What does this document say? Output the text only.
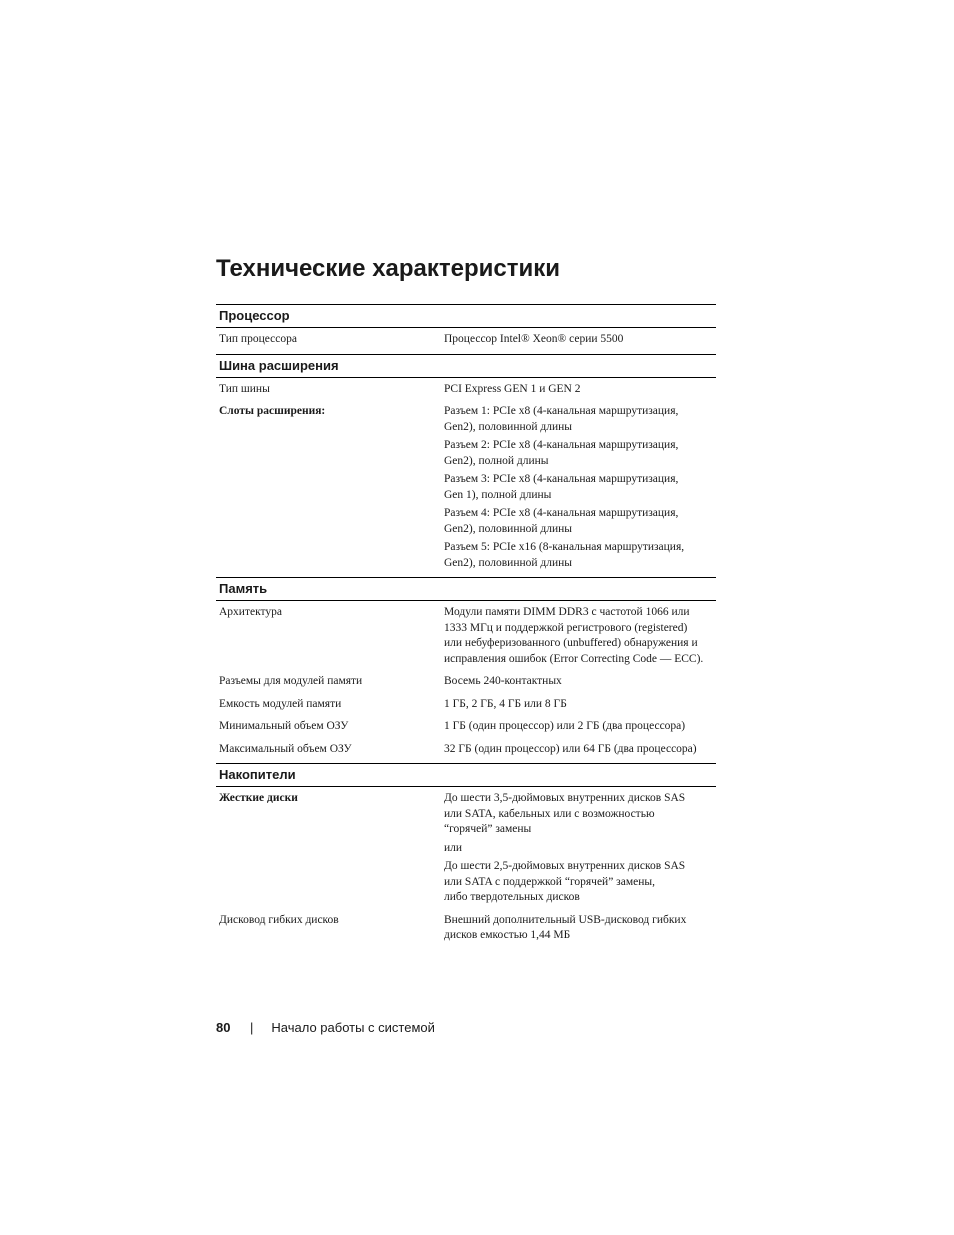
Технические характеристики
Процессор
Тип процессора	Процессор Intel® Xeon® серии 5500
Шина расширения
Тип шины	PCI Express GEN 1 и GEN 2
Слоты расширения:	Разъем 1: PCIe x8 (4-канальная маршрутизация,
Gen2), половинной длины
Разъем 2: PCIe x8 (4-канальная маршрутизация,
Gen2), полной длины
Разъем 3: PCIe x8 (4-канальная маршрутизация,
Gen 1), полной длины
Разъем 4: PCIe x8 (4-канальная маршрутизация,
Gen2), половинной длины
Разъем 5: PCIe x16 (8-канальная маршрутизация,
Gen2), половинной длины
Память
Архитектура	Модули памяти DIMM DDR3 с частотой 1066 или
1333 МГц и поддержкой регистрового (registered)
или небуферизованного (unbuffered) обнаружения и
исправления ошибок (Error Correcting Code — ECC).
Разъемы для модулей памяти	Восемь 240-контактных
Емкость модулей памяти	1 ГБ, 2 ГБ, 4 ГБ или 8 ГБ
Минимальный объем ОЗУ	1 ГБ (один процессор) или 2 ГБ (два процессора)
Максимальный объем ОЗУ	32 ГБ (один процессор) или 64 ГБ (два процессора)
Накопители
Жесткие диски	До шести 3,5-дюймовых внутренних дисков SAS
или SATA, кабельных или с возможностью
“горячей” замены
или
До шести 2,5-дюймовых внутренних дисков SAS
или SATA с поддержкой “горячей” замены,
либо твердотельных дисков
Дисковод гибких дисков	Внешний дополнительный USB-дисковод гибких
дисков емкостью 1,44 МБ
80 | Начало работы с системой
